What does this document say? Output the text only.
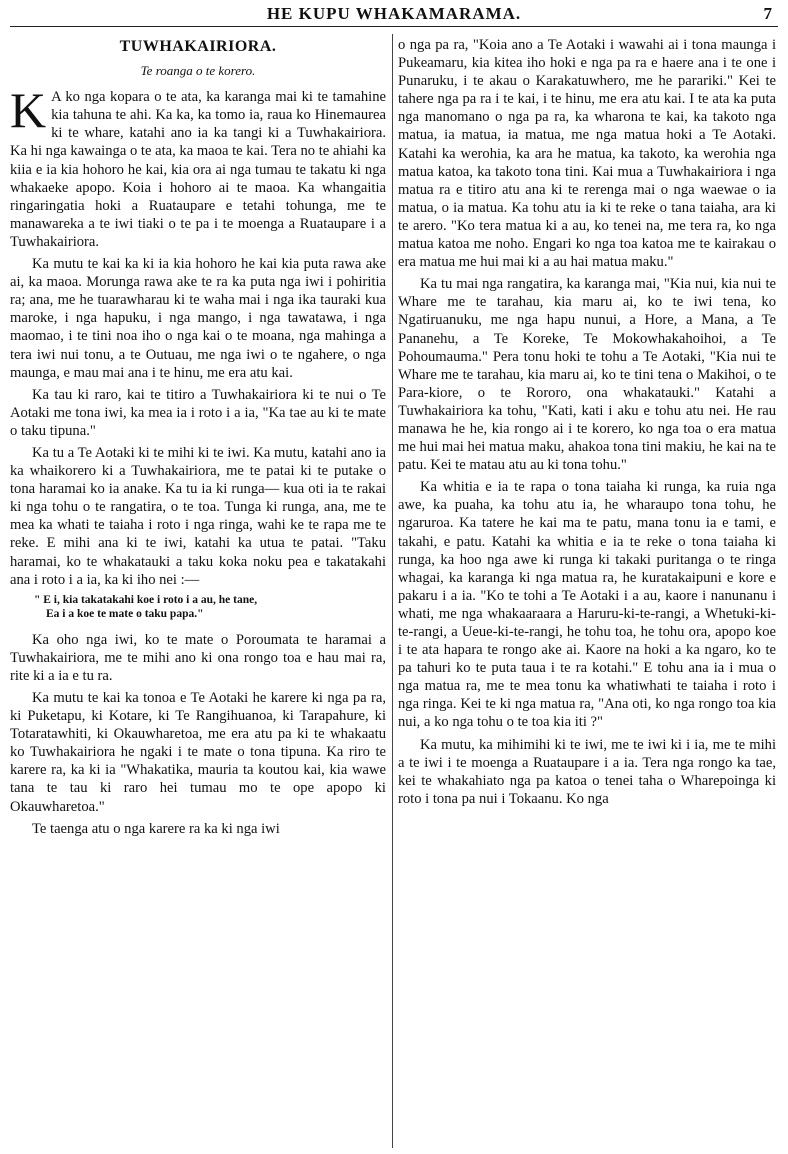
HE KUPU WHAKAMARAMA.	7
TUWHAKAIRIORA.
Te roanga o te korero.

K A ko nga kopara o te ata, ka karanga mai ki te tamahine kia tahuna te ahi. Ka ka, ka tomo ia, raua ko Hinemaurea ki te whare, katahi ano ia ka tangi ki a Tuwhakairiora. Ka hi nga kawainga o te ata, ka maoa te kai. Tera no te ahiahi ka kiia e ia kia hohoro he kai, kia ora ai nga tumau te takatu ki nga whakaeke apopo. Koia i hohoro ai te maoa. Ka whangaitia ringaringatia hoki a Ruataupare e tetahi tohunga, me te manawareka a te iwi tiaki o te pa i te moenga a Ruataupare i a Tuwhakairiora.

Ka mutu te kai ka ki ia kia hohoro he kai kia puta rawa ake ai, ka maoa. Morunga rawa ake te ra ka puta nga iwi i pohiritia ra; ana, me he tuarawharau ki te waha mai i nga ika tauraki kua maroke, i nga hapuku, i nga mango, i nga tawatawa, i nga maomao, i te tini noa iho o nga kai o te moana, nga mahinga a tera iwi nui tonu, a te Outuau, me nga iwi o te ngahere, o nga maunga, e mau mai ana i te hinu, me era atu kai.

Ka tau ki raro, kai te titiro a Tuwhakairiora ki te nui o Te Aotaki me tona iwi, ka mea ia i roto i a ia, "Ka tae au ki te mate o taku tipuna."

Ka tu a Te Aotaki ki te mihi ki te iwi. Ka mutu, katahi ano ia ka whaikorero ki a Tuwhakairiora, me te patai ki te putake o tona haramai ko ia anake. Ka tu ia ki runga— kua oti ia te rakai ki nga tohu o te rangatira, o te toa. Tunga ki runga, ana, me te mea ka whati te taiaha i roto i nga ringa, wahi ke te rapa me te reke. E mihi ana ki te iwi, katahi ka utua te patai. "Taku haramai, ko te whakatauki a taku koka noku pea e takatakahi ana i roto i a ia, ka ki iho nei :—

" E i, kia takatakahi koe i roto i a au, he tane,
Ea i a koe te mate o taku papa."

Ka oho nga iwi, ko te mate o Poroumata te haramai a Tuwhakairiora, me te mihi ano ki ona rongo toa e hau mai ra, rite ki a ia e tu ra.

Ka mutu te kai ka tonoa e Te Aotaki he karere ki nga pa ra, ki Puketapu, ki Kotare, ki Te Rangihuanoa, ki Tarapahure, ki Totaratawhiti, ki Okauwharetoa, me era atu pa ki te whakaatu ko Tuwhakairiora he ngaki i te mate o tona tipuna. Ka riro te karere ra, ka ki ia "Whakatika, mauria ta koutou kai, kia wawe tana te tau ki raro hei tumau mo te ope apopo ki Okauwharetoa."

Te taenga atu o nga karere ra ka ki nga iwi

o nga pa ra, "Koia ano a Te Aotaki i wawahi ai i tona maunga i Pukeamaru, kia kitea iho hoki e nga pa ra e haere ana i te one i Punaruku, i te akau o Karakatuwhero, me he parariki." Kei te tahere nga pa ra i te kai, i te hinu, me era atu kai. I te ata ka puta nga manomano o nga pa ra, ka wharona te kai, ka takoto nga matua, ia matua, ia matua, me nga matua hoki a Te Aotaki. Katahi ka werohia, ka ara he matua, ka takoto, ka werohia nga matua katoa, ka takoto tona tini. Kai mua a Tuwhakairiora i nga matua ra e titiro atu ana ki te rerenga mai o nga waewae o ia matua, o ia matua. Ka tohu atu ia ki te reke o tana taiaha, ara ki te arero. "Ko tera matua ki a au, ko tenei na, me tera ra, ko nga matua katoa me noho. Engari ko nga toa katoa me te kairakau o era matua me hui mai ki a au hai matua maku."

Ka tu mai nga rangatira, ka karanga mai, "Kia nui, kia nui te Whare me te tarahau, kia maru ai, ko te iwi tena, ko Ngatiruanuku, me nga hapu nunui, a Hore, a Mana, a Te Pananehu, a Te Koreke, Te Mokowhakahoihoi, a Te Pohoumauma." Pera tonu hoki te tohu a Te Aotaki, "Kia nui te Whare me te tarahau, kia maru ai, ko te tini tena o Makihoi, o te Para-kiore, o te Rororo, ona whakatauki." Katahi a Tuwhakairiora ka tohu, "Kati, kati i aku e tohu atu nei. He rau manawa he he, kia rongo ai i te korero, ko nga toa o era matua me hui mai hei matua maku, ahakoa tona tini makiu, he kai na te patu. Kei te matau atu au ki tona tohu."

Ka whitia e ia te rapa o tona taiaha ki runga, ka ruia nga awe, ka puaha, ka tohu atu ia, he wharaupo tona tohu, he ngaruroa. Ka tatere he kai ma te patu, mana tonu ia e tami, e takahi, e patu. Katahi ka whitia e ia te reke o tona taiaha ki runga, ka hoo nga awe ki runga ki takaki puritanga o te ringa whagai, ka karanga ki nga matua ra, he kuratakaipuni e kore e pakaru i a ia. "Ko te tohi a Te Aotaki i a au, kaore i nanunanu i whati, me nga whakaaraara a Haruru-ki-te-rangi, a Whetuki-ki-te-rangi, a Ueue-ki-te-rangi, he tohu toa, he tohu ora, apopo koe i te ata hapara te rongo ake ai. Kaore na hoki a ka ngaro, ko te pa tahuri ko te puta taua i te ra kotahi." E tohu ana ia i mua o nga matua ra, me te mea tonu ka whatiwhati te taiaha i roto i nga ringa. Kei te ki nga matua ra, "Ana oti, ko nga rongo toa kia nui, a ko nga tohu o te toa kia iti ?"

Ka mutu, ka mihimihi ki te iwi, me te iwi ki i ia, me te mihi a te iwi i te moenga a Ruataupare i a ia. Tera nga rongo ka tae, kei te whakahiato nga pa katoa o tenei taha o Wharepoinga ki roto i tona pa nui i Tokaanu. Ko nga
